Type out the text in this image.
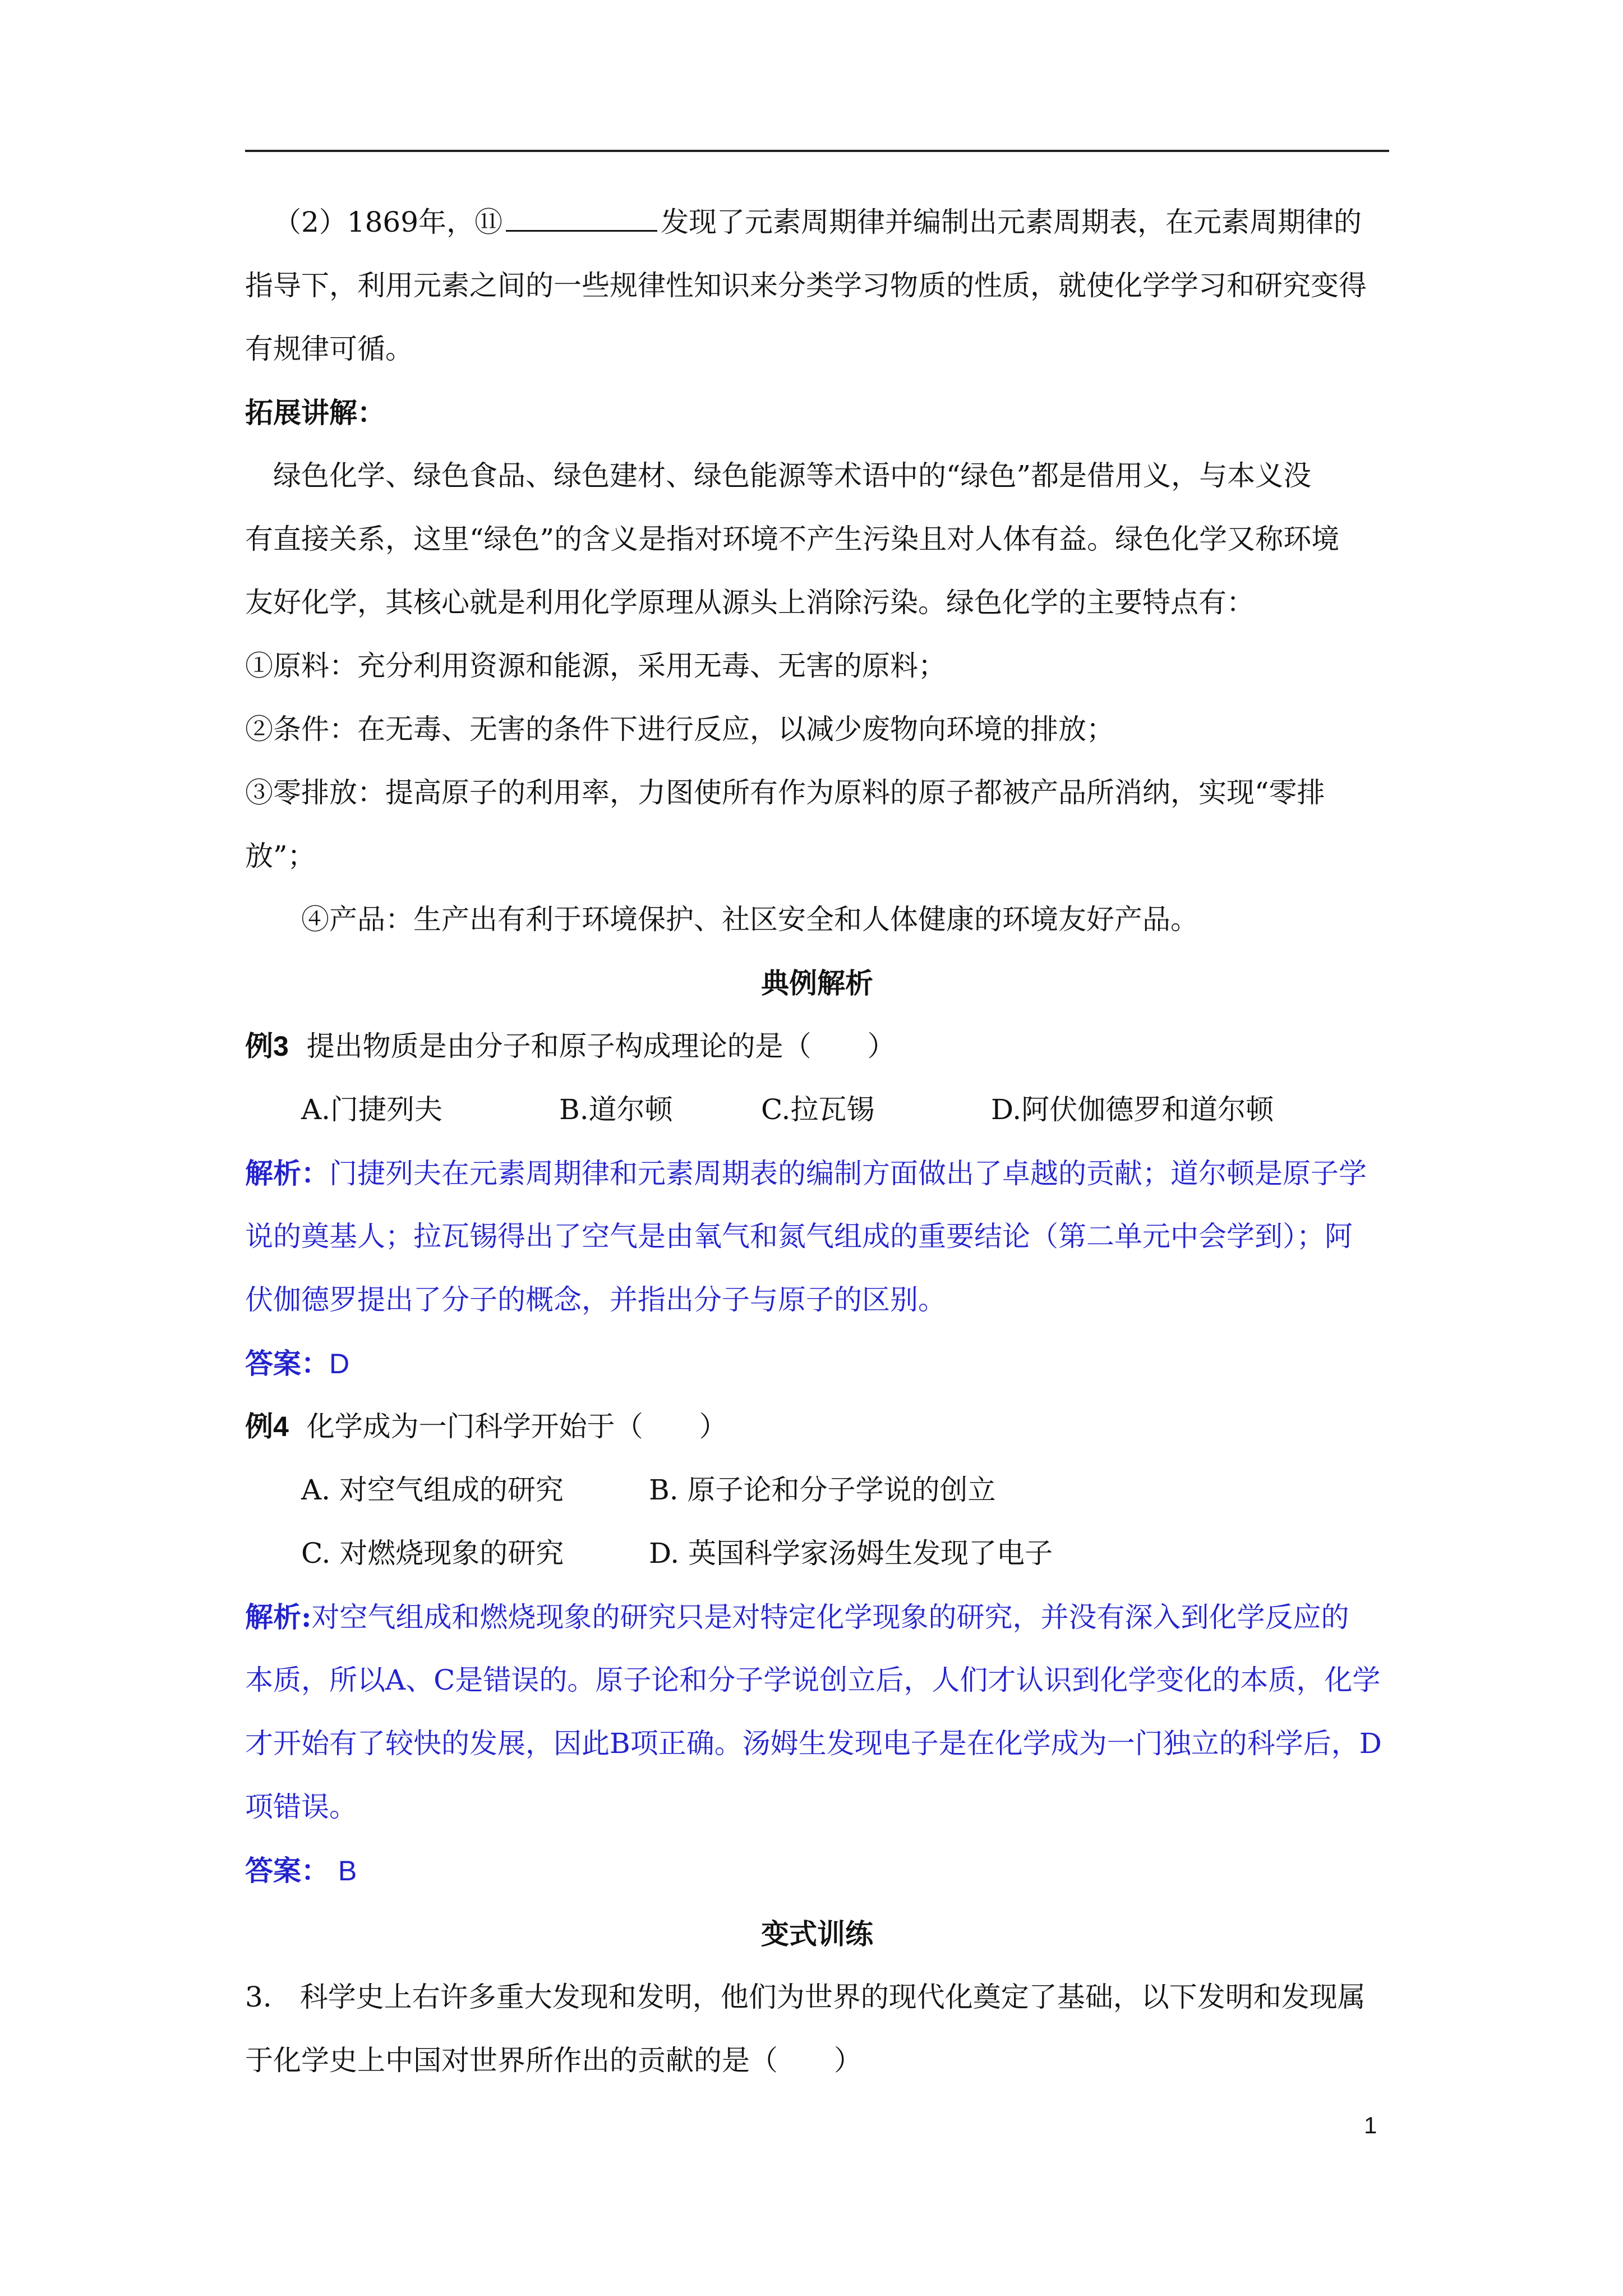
（2）1869年，⑪	发现了元素周期律并编制出元素周期表，在元素周期律的
指导下，利用元素之间的一些规律性知识来分类学习物质的性质，就使化学学习和研究变得
有规律可循。
拓展讲解：
绿色化学、绿色食品、绿色建材、绿色能源等术语中的“绿色”都是借用义，与本义没
有直接关系，这里“绿色”的含义是指对环境不产生污染且对人体有益。绿色化学又称环境
友好化学，其核心就是利用化学原理从源头上消除污染。绿色化学的主要特点有：
①原料：充分利用资源和能源，采用无毒、无害的原料；
②条件：在无毒、无害的条件下进行反应，以减少废物向环境的排放；
③零排放：提高原子的利用率，力图使所有作为原料的原子都被产品所消纳，实现“零排
放”；
④产品：生产出有利于环境保护、社区安全和人体健康的环境友好产品。
典例解析
例3 提出物质是由分子和原子构成理论的是（　　）
A.门捷列夫	B.道尔顿	C.拉瓦锡	D.阿伏伽德罗和道尔顿
解析：门捷列夫在元素周期律和元素周期表的编制方面做出了卓越的贡献；道尔顿是原子学
说的奠基人；拉瓦锡得出了空气是由氧气和氮气组成的重要结论（第二单元中会学到）；阿
伏伽德罗提出了分子的概念，并指出分子与原子的区别。
答案：D
例4 化学成为一门科学开始于（　　）
A. 对空气组成的研究	B. 原子论和分子学说的创立
C. 对燃烧现象的研究	D. 英国科学家汤姆生发现了电子
解析:对空气组成和燃烧现象的研究只是对特定化学现象的研究，并没有深入到化学反应的
本质，所以A、C是错误的。原子论和分子学说创立后，人们才认识到化学变化的本质，化学
才开始有了较快的发展，因此B项正确。汤姆生发现电子是在化学成为一门独立的科学后，D
项错误。
答案： B
变式训练
3.　科学史上右许多重大发现和发明，他们为世界的现代化奠定了基础，以下发明和发现属
于化学史上中国对世界所作出的贡献的是（　　）
1
